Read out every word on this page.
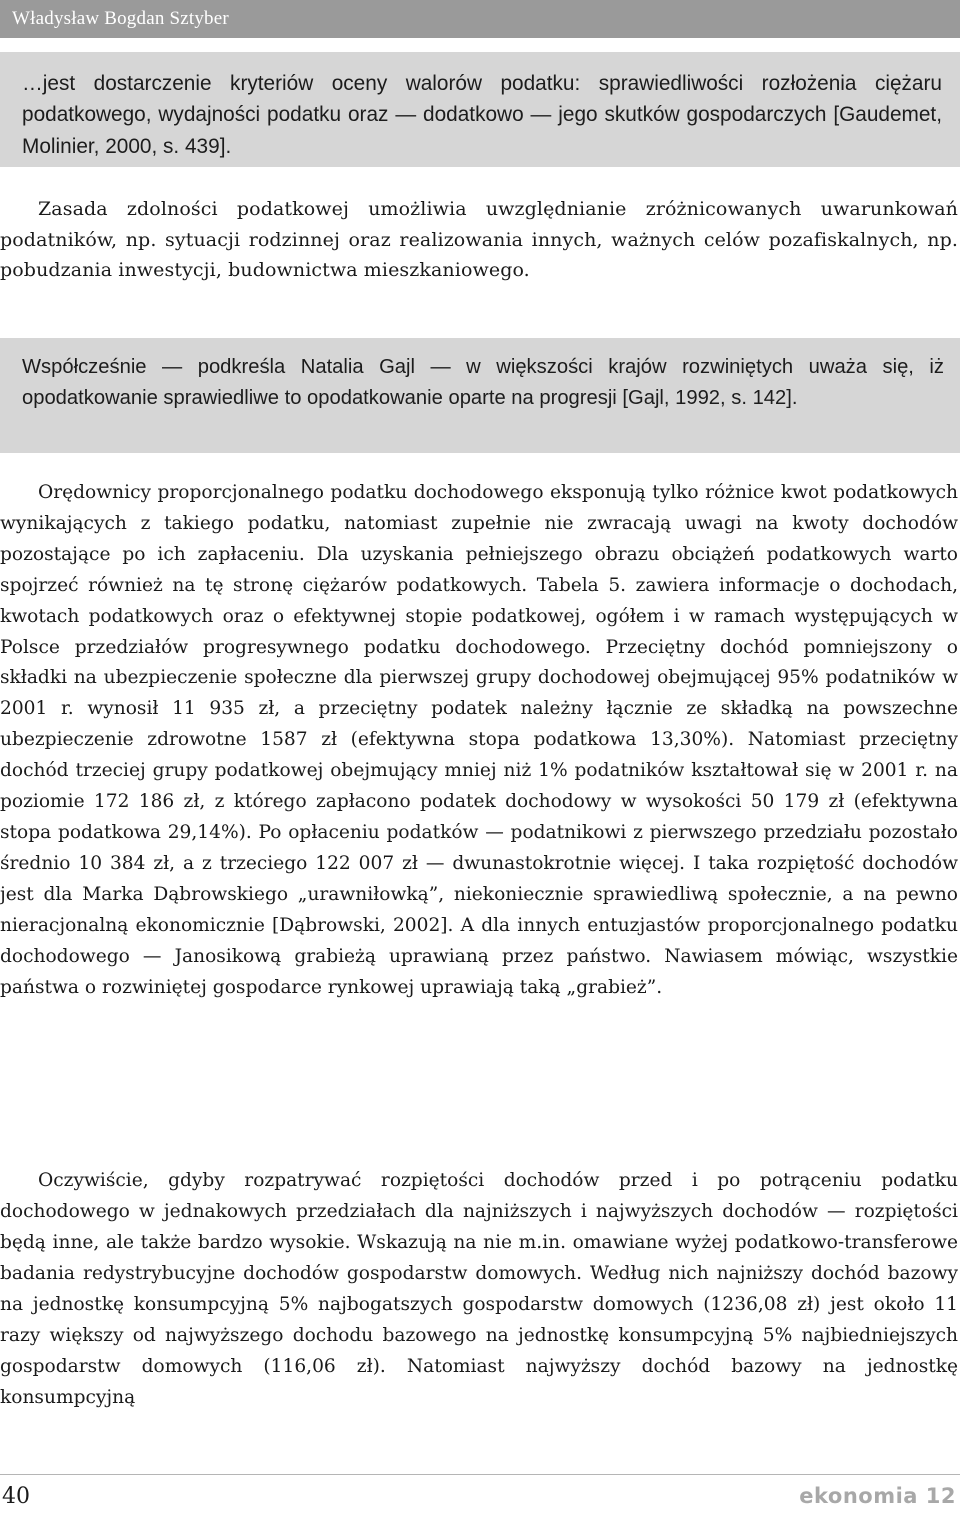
Władysław Bogdan Sztyber

…jest dostarczenie kryteriów oceny walorów podatku: sprawiedliwości rozłożenia ciężaru podatkowego, wydajności podatku oraz — dodatkowo — jego skutków gospodarczych [Gaudemet, Molinier, 2000, s. 439].

Zasada zdolności podatkowej umożliwia uwzględnianie zróżnicowanych uwarunkowań podatników, np. sytuacji rodzinnej oraz realizowania innych, ważnych celów pozafiskalnych, np. pobudzania inwestycji, budownictwa mieszkaniowego.

Współcześnie — podkreśla Natalia Gajl — w większości krajów rozwiniętych uważa się, iż opodatkowanie sprawiedliwe to opodatkowanie oparte na progresji [Gajl, 1992, s. 142].

Orędownicy proporcjonalnego podatku dochodowego eksponują tylko różnice kwot podatkowych wynikających z takiego podatku, natomiast zupełnie nie zwracają uwagi na kwoty dochodów pozostające po ich zapłaceniu. Dla uzyskania pełniejszego obrazu obciążeń podatkowych warto spojrzeć również na tę stronę ciężarów podatkowych. Tabela 5. zawiera informacje o dochodach, kwotach podatkowych oraz o efektywnej stopie podatkowej, ogółem i w ramach występujących w Polsce przedziałów progresywnego podatku dochodowego. Przeciętny dochód pomniejszony o składki na ubezpieczenie społeczne dla pierwszej grupy dochodowej obejmującej 95% podatników w 2001 r. wynosił 11 935 zł, a przeciętny podatek należny łącznie ze składką na powszechne ubezpieczenie zdrowotne 1587 zł (efektywna stopa podatkowa 13,30%). Natomiast przeciętny dochód trzeciej grupy podatkowej obejmujący mniej niż 1% podatników kształtował się w 2001 r. na poziomie 172 186 zł, z którego zapłacono podatek dochodowy w wysokości 50 179 zł (efektywna stopa podatkowa 29,14%). Po opłaceniu podatków — podatnikowi z pierwszego przedziału pozostało średnio 10 384 zł, a z trzeciego 122 007 zł — dwunastokrotnie więcej. I taka rozpiętość dochodów jest dla Marka Dąbrowskiego „urawniłowką”, niekoniecznie sprawiedliwą społecznie, a na pewno nieracjonalną ekonomicznie [Dąbrowski, 2002]. A dla innych entuzjastów proporcjonalnego podatku dochodowego — Janosikową grabieżą uprawianą przez państwo. Nawiasem mówiąc, wszystkie państwa o rozwiniętej gospodarce rynkowej uprawiają taką „grabież”.

Oczywiście, gdyby rozpatrywać rozpiętości dochodów przed i po potrąceniu podatku dochodowego w jednakowych przedziałach dla najniższych i najwyższych dochodów — rozpiętości będą inne, ale także bardzo wysokie. Wskazują na nie m.in. omawiane wyżej podatkowo-transferowe badania redystrybucyjne dochodów gospodarstw domowych. Według nich najniższy dochód bazowy na jednostkę konsumpcyjną 5% najbogatszych gospodarstw domowych (1236,08 zł) jest około 11 razy większy od najwyższego dochodu bazowego na jednostkę konsumpcyjną 5% najbiedniejszych gospodarstw domowych (116,06 zł). Natomiast najwyższy dochód bazowy na jednostkę konsumpcyjną

40	ekonomia 12
